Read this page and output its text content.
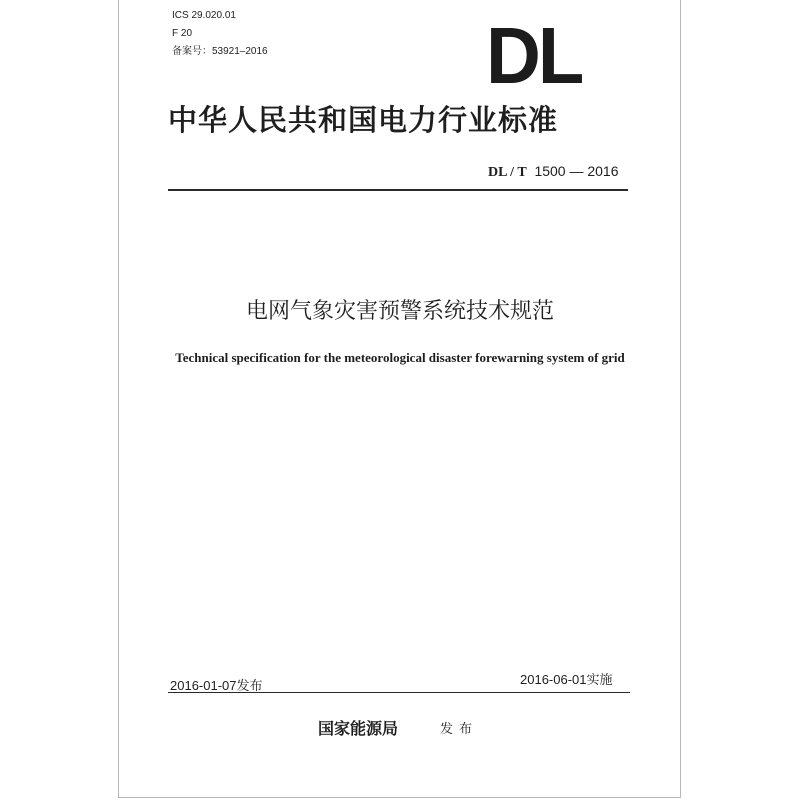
ICS 29.020.01
F 20
备案号：53921–2016	DL
中华人民共和国电力行业标准
DL / T 1500 — 2016
电网气象灾害预警系统技术规范
Technical specification for the meteorological disaster forewarning system of grid
2016-01-07发布	2016-06-01实施
国家能源局	发布
